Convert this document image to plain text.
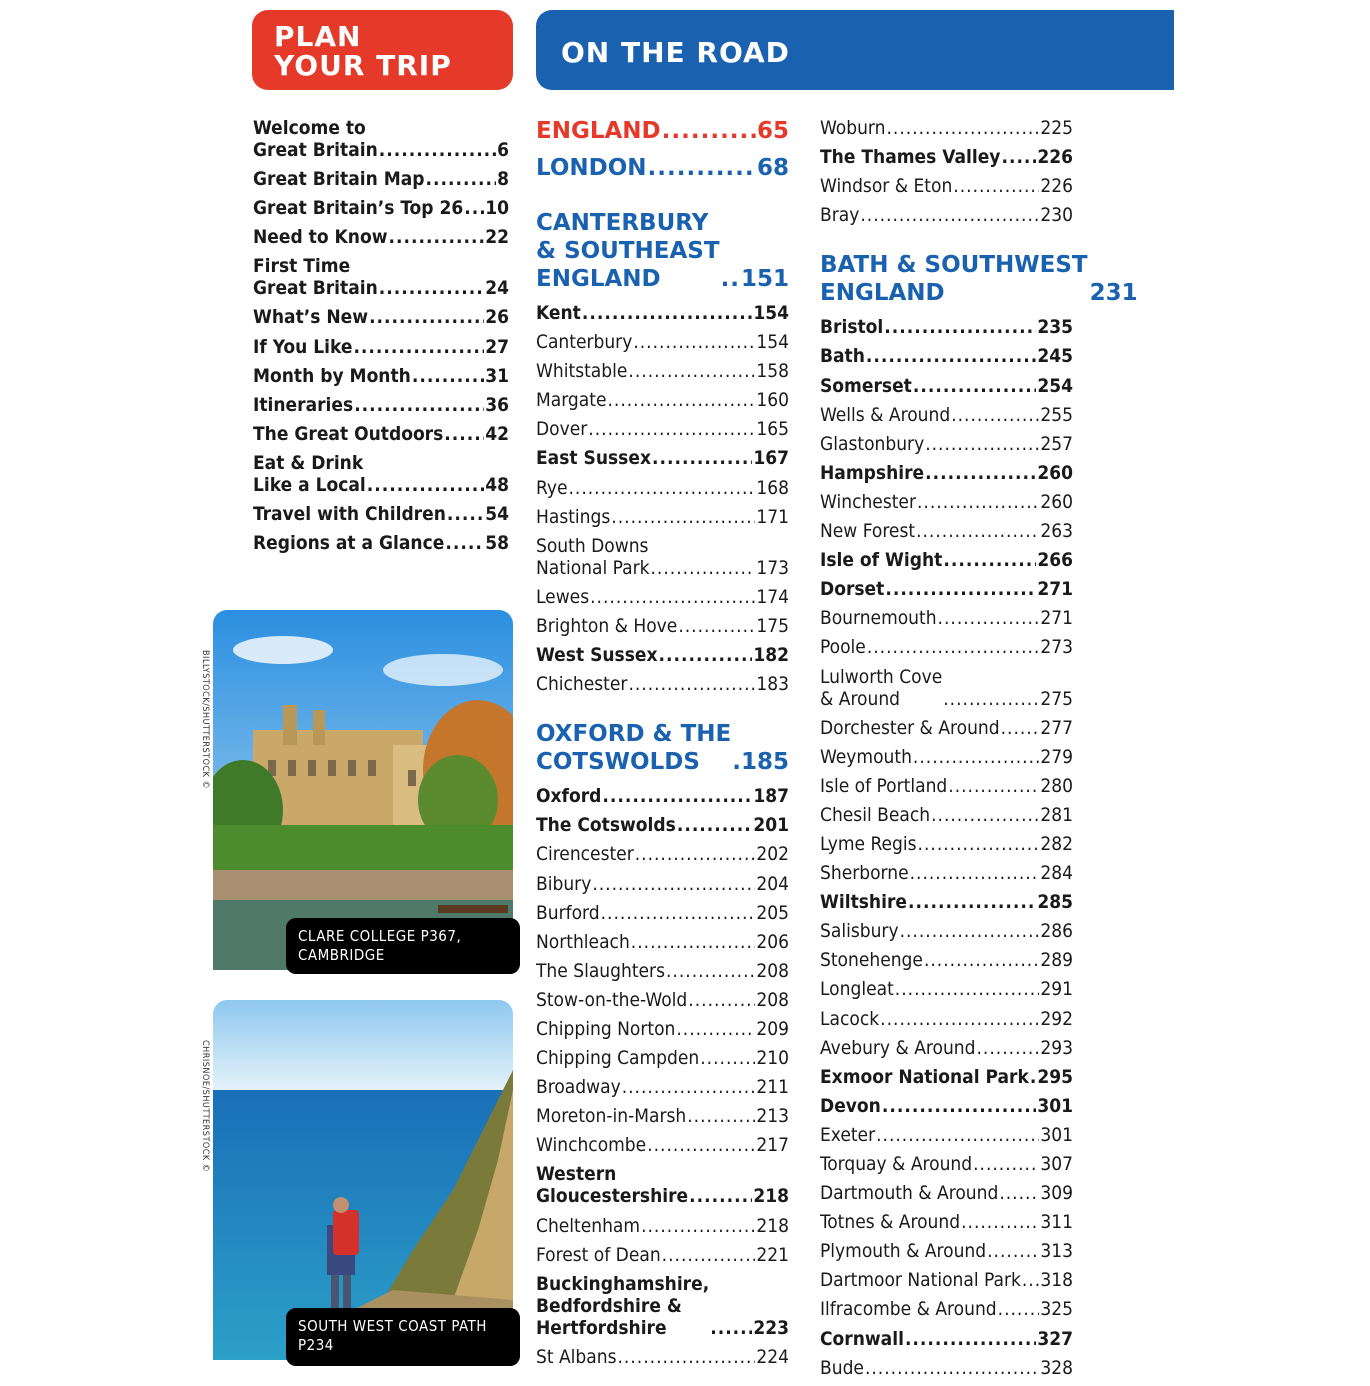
PLAN
YOUR TRIP	ON THE ROAD
Welcome to
Great Britain .....	6
Great Britain Map .....	8
Great Britain’s Top 26 ..... 10
Need to Know .....	22
First Time
Great Britain .....	24
What’s New .....	26
If You Like .....	27
Month by Month .....	31
Itineraries .....	36
The Great Outdoors ..... 42
Eat & Drink
Like a Local .....	48
Travel with Children ..... 54
Regions at a Glance ..... 58
ENGLAND .....	65
LONDON .....	68
CANTERBURY
& SOUTHEAST
ENGLAND .....	151
Kent .....	154
Canterbury .....	154
Whitstable .....	158
Margate .....	160
Dover .....	165
East Sussex .....	167
Rye .....	168
Hastings .....	171
South Downs
National Park .....	173
Lewes .....	174
Brighton & Hove .....	175
West Sussex .....	182
Chichester .....	183
OXFORD & THE
COTSWOLDS .....	185
Oxford .....	187
The Cotswolds .....	201
Cirencester .....	202
Bibury .....	204
Burford .....	205
Northleach .....	206
The Slaughters .....	208
Stow-on-the-Wold .....	208
Chipping Norton .....	209
Chipping Campden .....	210
Broadway .....	211
Moreton-in-Marsh .....	213
Winchcombe .....	217
Western
Gloucestershire .....	218
Cheltenham .....	218
Forest of Dean .....	221
Buckinghamshire,
Bedfordshire &
Hertfordshire .....	223
St Albans .....	224
Woburn .....	225
The Thames Valley ..... 226
Windsor & Eton .....	226
Bray .....	230
BATH & SOUTHWEST
ENGLAND	231
Bristol .....	235
Bath .....	245
Somerset .....	254
Wells & Around .....	255
Glastonbury .....	257
Hampshire .....	260
Winchester .....	260
New Forest .....	263
Isle of Wight .....	266
Dorset .....	271
Bournemouth .....	271
Poole .....	273
Lulworth Cove
& Around .....	275
Dorchester & Around ..... 277
Weymouth .....	279
Isle of Portland .....	280
Chesil Beach .....	281
Lyme Regis .....	282
Sherborne .....	284
Wiltshire .....	285
Salisbury .....	286
Stonehenge .....	289
Longleat .....	291
Lacock .....	292
Avebury & Around .....	293
Exmoor National Park ..... 295
Devon .....	301
Exeter .....	301
Torquay & Around .....	307
Dartmouth & Around ..... 309
Totnes & Around .....	311
Plymouth & Around .....	313
Dartmoor National Park ..... 318
Ilfracombe & Around ..... 325
Cornwall .....	327
Bude .....	328
CLARE COLLEGE P367,
CAMBRIDGE
BILLYSTOCK/SHUTTERSTOCK ©
SOUTH WEST COAST PATH
P234
CHRISNOE/SHUTTERSTOCK ©
